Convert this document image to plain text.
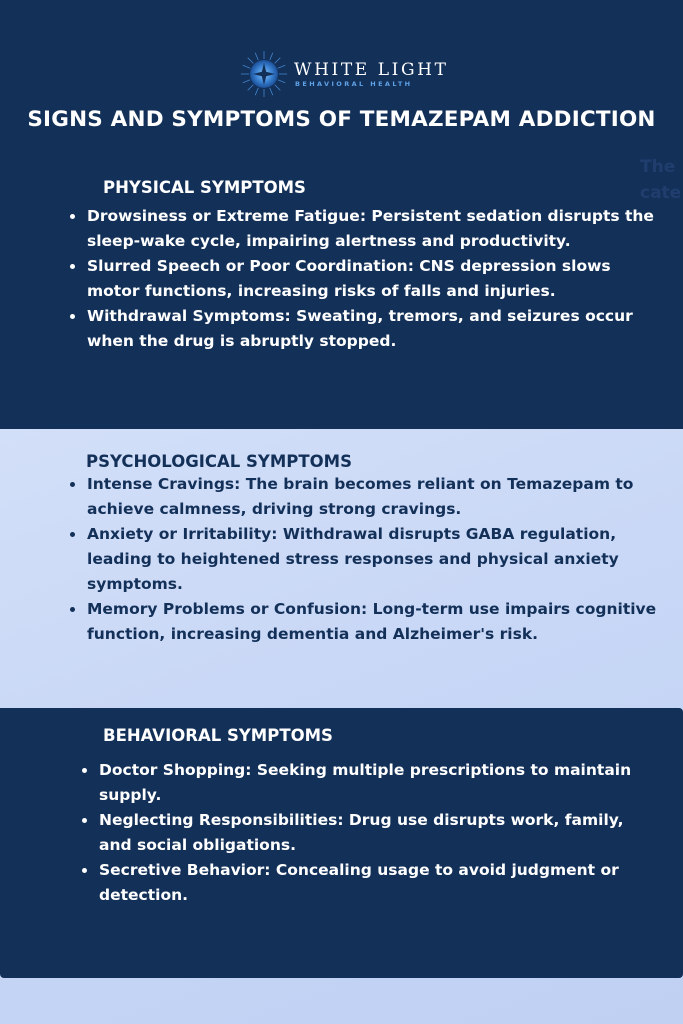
The
cate
WHITE LIGHT
BEHAVIORAL HEALTH
SIGNS AND SYMPTOMS OF TEMAZEPAM ADDICTION
PHYSICAL SYMPTOMS
Drowsiness or Extreme Fatigue: Persistent sedation disrupts the sleep-wake cycle, impairing alertness and productivity.
Slurred Speech or Poor Coordination: CNS depression slows motor functions, increasing risks of falls and injuries.
Withdrawal Symptoms: Sweating, tremors, and seizures occur when the drug is abruptly stopped.
PSYCHOLOGICAL SYMPTOMS
Intense Cravings: The brain becomes reliant on Temazepam to achieve calmness, driving strong cravings.
Anxiety or Irritability: Withdrawal disrupts GABA regulation, leading to heightened stress responses and physical anxiety symptoms.
Memory Problems or Confusion: Long-term use impairs cognitive function, increasing dementia and Alzheimer's risk.
BEHAVIORAL SYMPTOMS
Doctor Shopping: Seeking multiple prescriptions to maintain supply.
Neglecting Responsibilities: Drug use disrupts work, family, and social obligations.
Secretive Behavior: Concealing usage to avoid judgment or detection.
